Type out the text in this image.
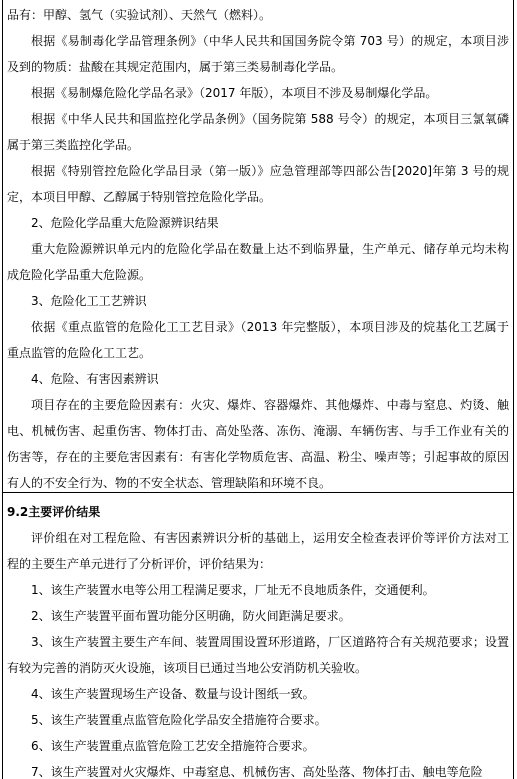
品有：甲醇、氢气（实验试剂）、天然气（燃料）。

根据《易制毒化学品管理条例》（中华人民共和国国务院令第 703 号）的规定，本项目涉及到的物质：盐酸在其规定范围内，属于第三类易制毒化学品。

根据《易制爆危险化学品名录》（2017 年版），本项目不涉及易制爆化学品。

根据《中华人民共和国监控化学品条例》（国务院第 588 号令）的规定，本项目三氯氧磷属于第三类监控化学品。

根据《特别管控危险化学品目录（第一版）》应急管理部等四部公告[2020]年第 3 号的规定，本项目甲醇、乙醇属于特别管控危险化学品。

2、危险化学品重大危险源辨识结果

重大危险源辨识单元内的危险化学品在数量上达不到临界量，生产单元、储存单元均未构成危险化学品重大危险源。

3、危险化工工艺辨识

依据《重点监管的危险化工工艺目录》（2013 年完整版），本项目涉及的烷基化工艺属于重点监管的危险化工工艺。

4、危险、有害因素辨识

项目存在的主要危险因素有：火灾、爆炸、容器爆炸、其他爆炸、中毒与窒息、灼烫、触电、机械伤害、起重伤害、物体打击、高处坠落、冻伤、淹溺、车辆伤害、与手工作业有关的伤害等，存在的主要危害因素有：有害化学物质危害、高温、粉尘、噪声等；引起事故的原因有人的不安全行为、物的不安全状态、管理缺陷和环境不良。

9.2主要评价结果

评价组在对工程危险、有害因素辨识分析的基础上，运用安全检查表评价等评价方法对工程的主要生产单元进行了分析评价，评价结果为：

1、该生产装置水电等公用工程满足要求，厂址无不良地质条件，交通便利。

2、该生产装置平面布置功能分区明确，防火间距满足要求。

3、该生产装置主要生产车间、装置周围设置环形道路，厂区道路符合有关规范要求；设置有较为完善的消防灭火设施，该项目已通过当地公安消防机关验收。

4、该生产装置现场生产设备、数量与设计图纸一致。

5、该生产装置重点监管危险化学品安全措施符合要求。

6、该生产装置重点监管危险工艺安全措施符合要求。

7、该生产装置对火灾爆炸、中毒窒息、机械伤害、高处坠落、物体打击、触电等危险
